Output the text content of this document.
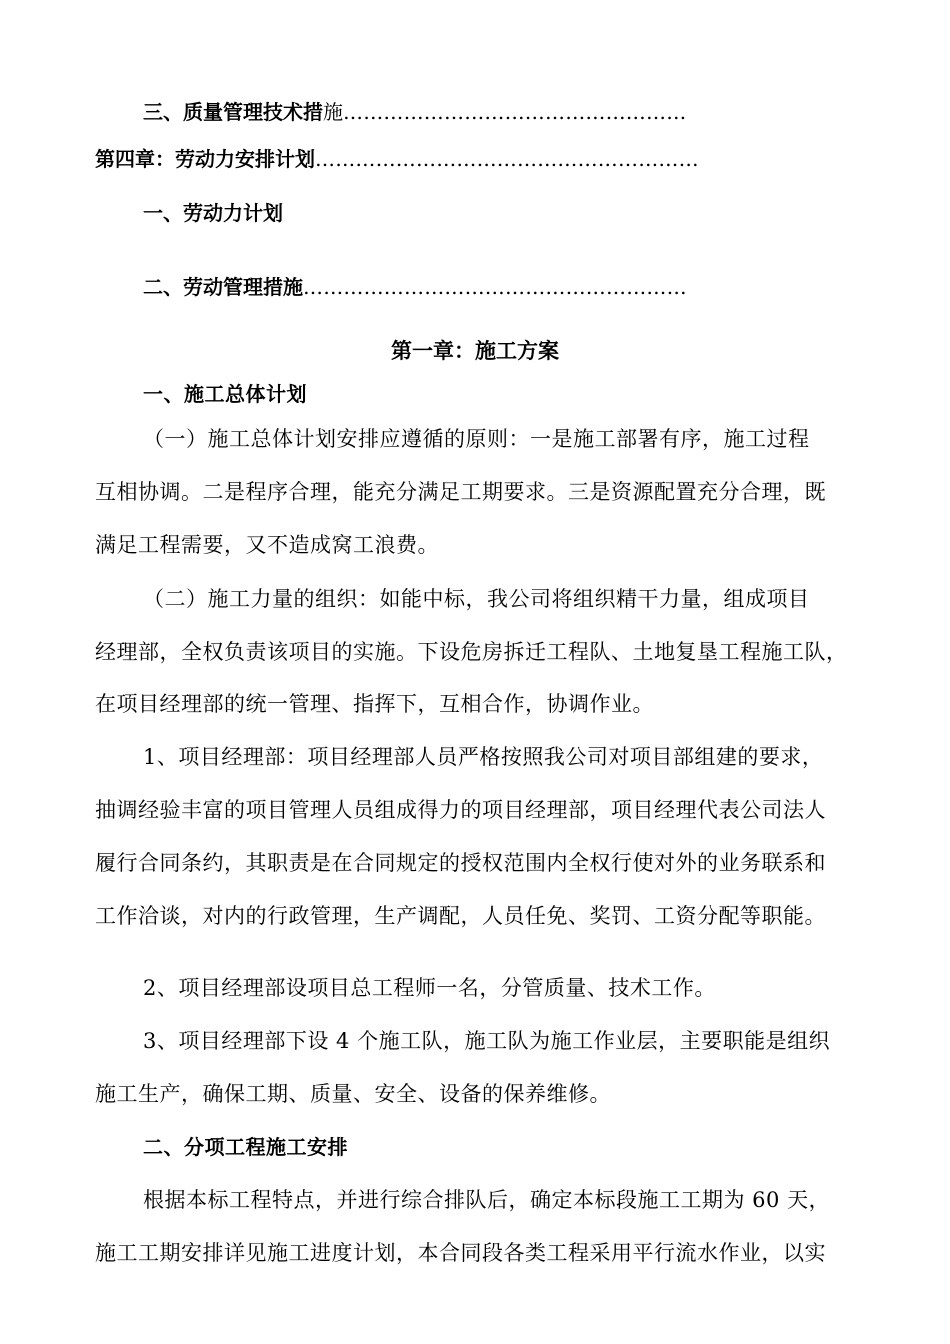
三、质量管理技术措施……………………………………………
第四章：劳动力安排计划…………………………………………………
一、劳动力计划
二、劳动管理措施…………………………………………………
第一章：施工方案
一、施工总体计划
（一）施工总体计划安排应遵循的原则：一是施工部署有序，施工过程
互相协调。二是程序合理，能充分满足工期要求。三是资源配置充分合理，既
满足工程需要，又不造成窝工浪费。
（二）施工力量的组织：如能中标，我公司将组织精干力量，组成项目
经理部，全权负责该项目的实施。下设危房拆迁工程队、土地复垦工程施工队，
在项目经理部的统一管理、指挥下，互相合作，协调作业。
1、项目经理部：项目经理部人员严格按照我公司对项目部组建的要求，
抽调经验丰富的项目管理人员组成得力的项目经理部，项目经理代表公司法人
履行合同条约，其职责是在合同规定的授权范围内全权行使对外的业务联系和
工作洽谈，对内的行政管理，生产调配，人员任免、奖罚、工资分配等职能。
2、项目经理部设项目总工程师一名，分管质量、技术工作。
3、项目经理部下设 4 个施工队，施工队为施工作业层，主要职能是组织
施工生产，确保工期、质量、安全、设备的保养维修。
二、分项工程施工安排
根据本标工程特点，并进行综合排队后，确定本标段施工工期为 60 天，
施工工期安排详见施工进度计划，本合同段各类工程采用平行流水作业，以实
